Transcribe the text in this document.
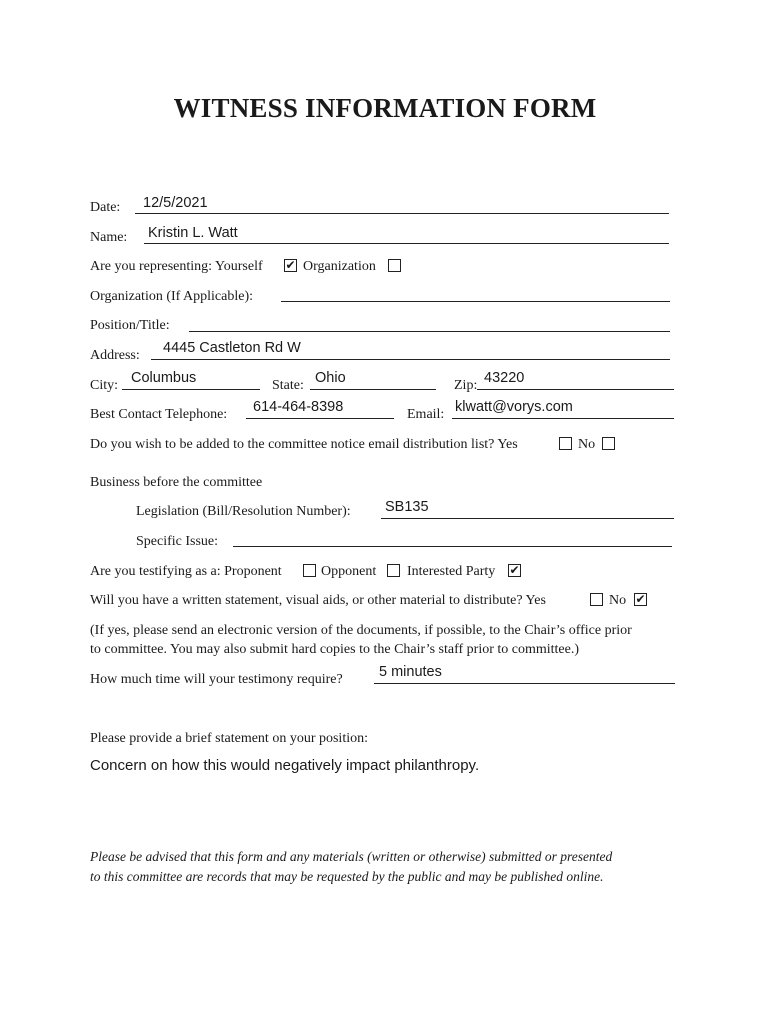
WITNESS INFORMATION FORM
Date: 12/5/2021
Name: Kristin L. Watt
Are you representing: Yourself ✔ Organization
Organization (If Applicable):
Position/Title:
Address: 4445 Castleton Rd W
City: Columbus	State: Ohio	Zip: 43220
Best Contact Telephone: 614-464-8398	Email: klwatt@vorys.com
Do you wish to be added to the committee notice email distribution list? Yes	No
Business before the committee
Legislation (Bill/Resolution Number): SB135
Specific Issue:
Are you testifying as a: Proponent	Opponent Interested Party ✔
Will you have a written statement, visual aids, or other material to distribute? Yes	No ✔
(If yes, please send an electronic version of the documents, if possible, to the Chair’s office prior
to committee. You may also submit hard copies to the Chair’s staff prior to committee.)
How much time will your testimony require?	5 minutes
Please provide a brief statement on your position:
Concern on how this would negatively impact philanthropy.
Please be advised that this form and any materials (written or otherwise) submitted or presented
to this committee are records that may be requested by the public and may be published online.
